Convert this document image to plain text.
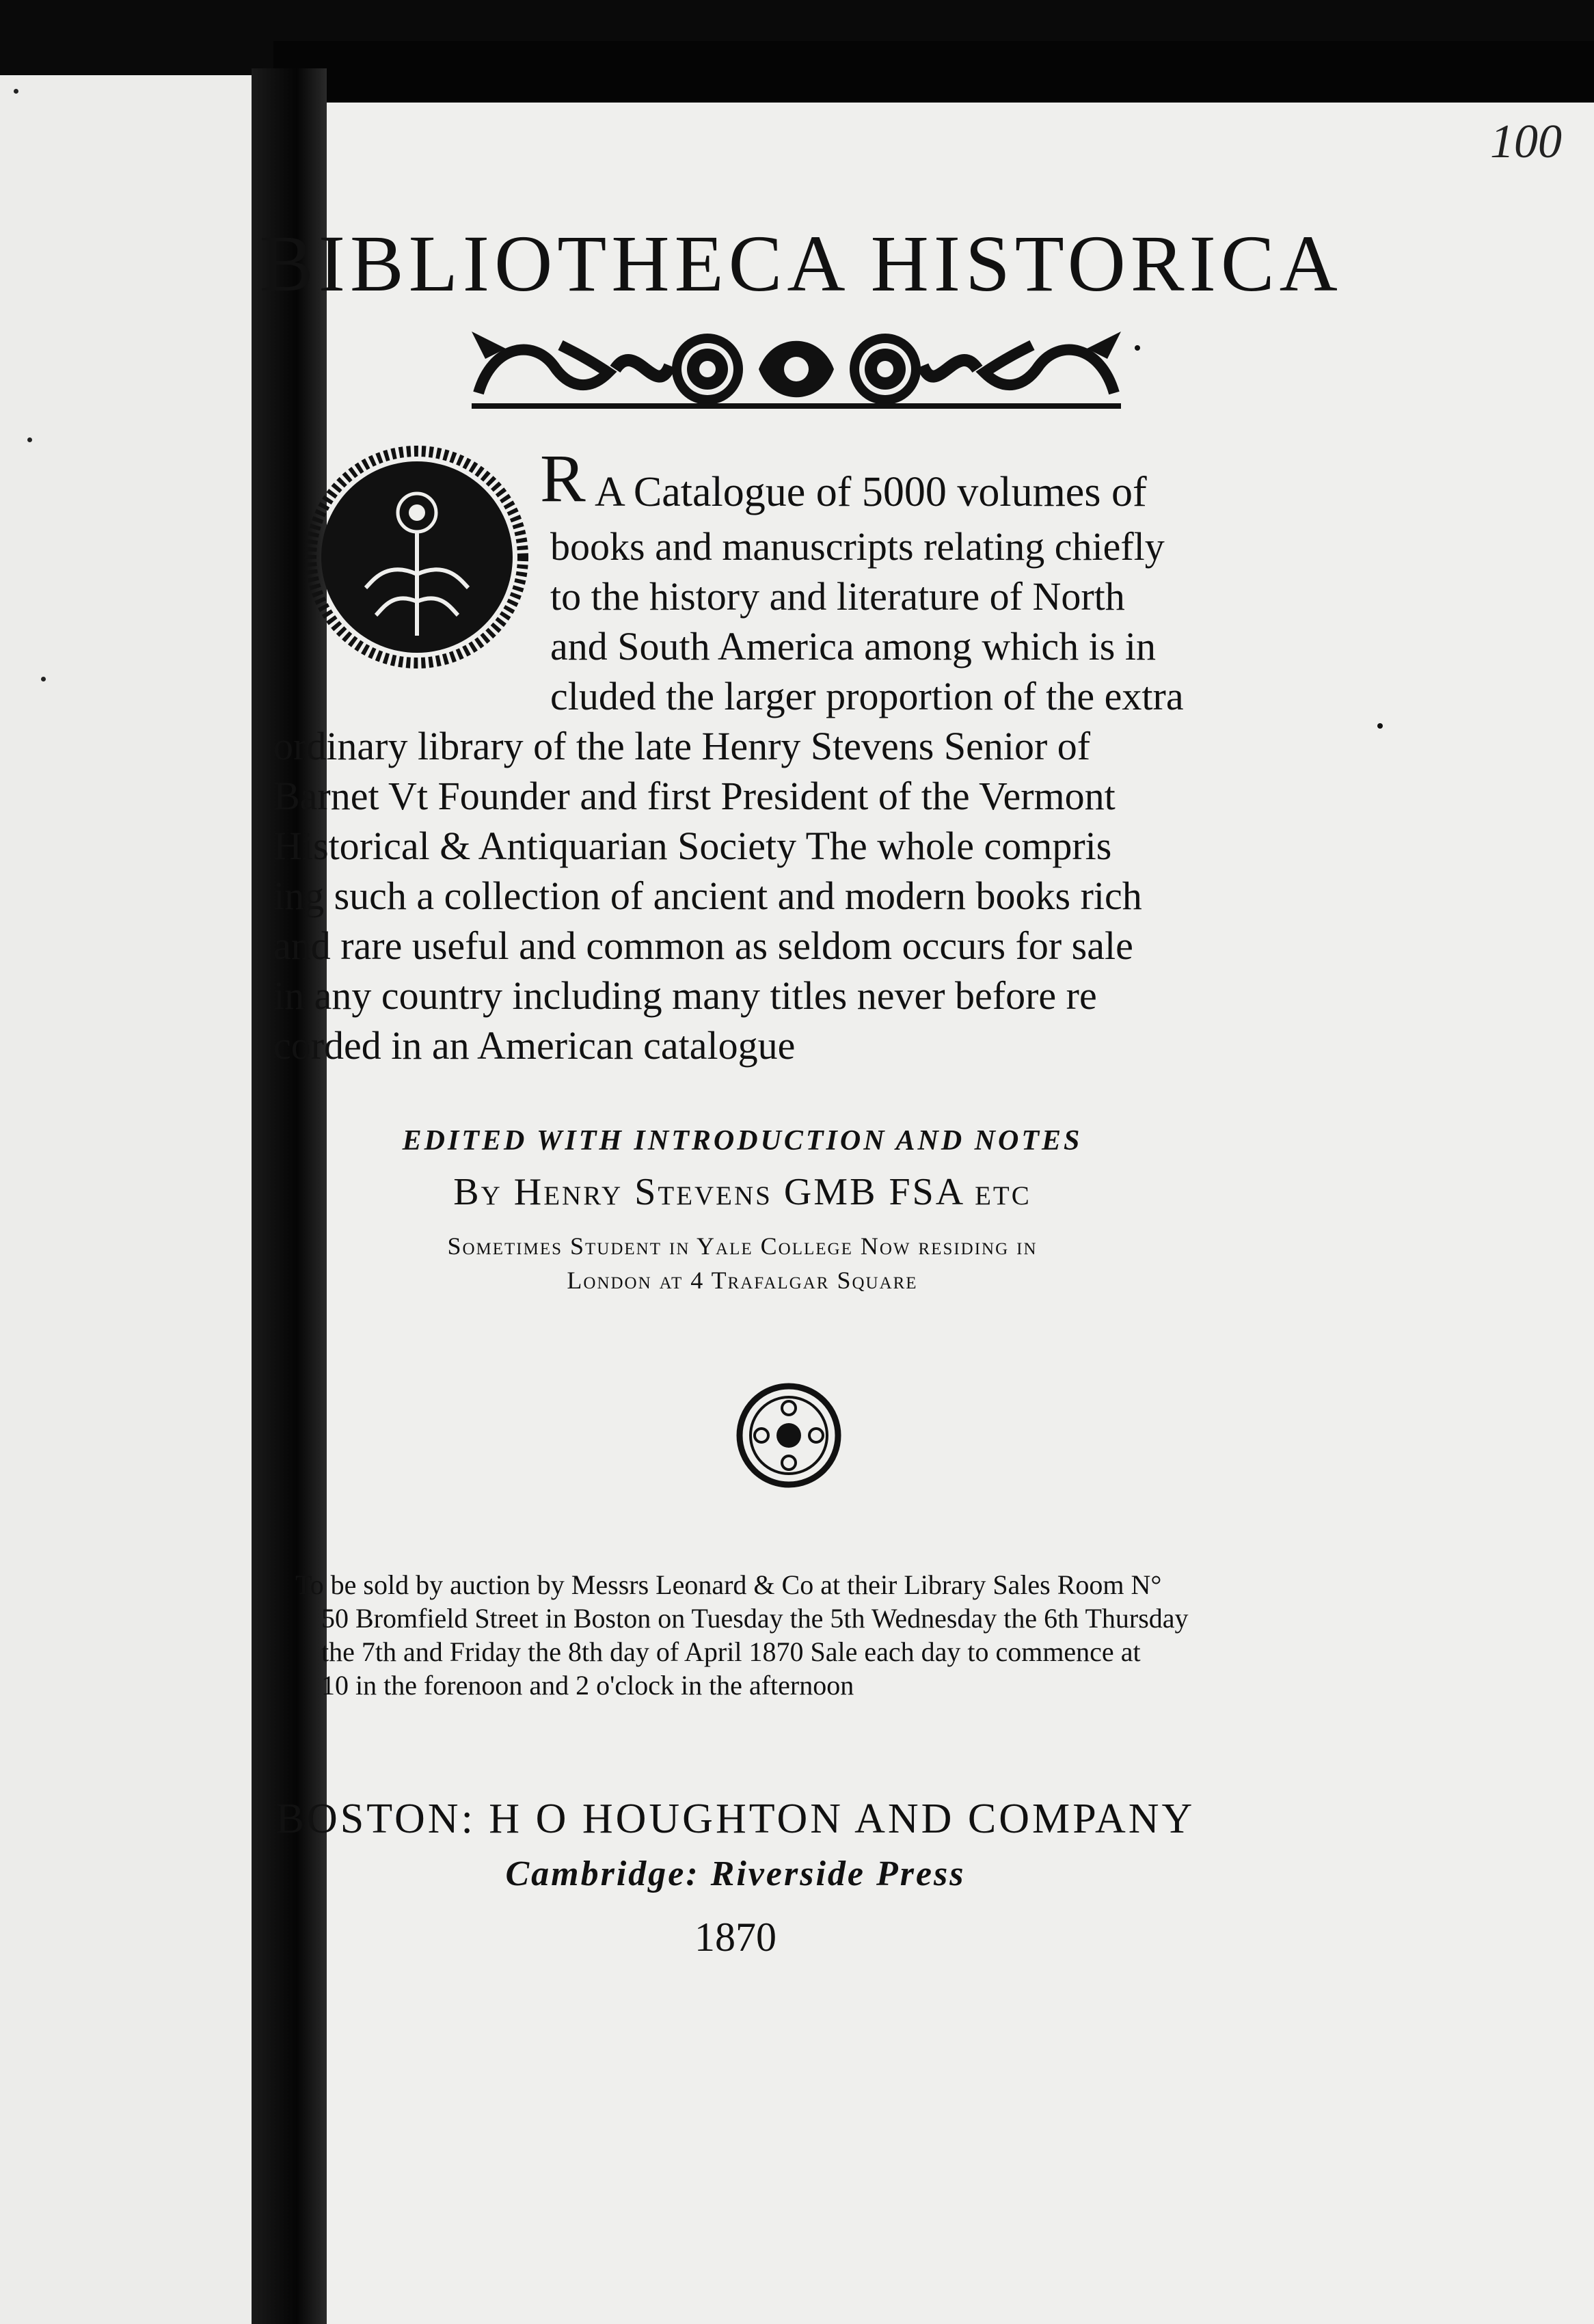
100
BIBLIOTHECA HISTORICA
R A Catalogue of 5000 volumes of
books and manuscripts relating chiefly
to the history and literature of North
and South America among which is in
cluded the larger proportion of the extra
ordinary library of the late Henry Stevens Senior of
Barnet Vt Founder and first President of the Vermont
Historical & Antiquarian Society The whole compris
ing such a collection of ancient and modern books rich
and rare useful and common as seldom occurs for sale
in any country including many titles never before re
corded in an American catalogue
EDITED WITH INTRODUCTION AND NOTES
By Henry Stevens GMB FSA etc
Sometimes Student in Yale College Now residing in
London at 4 Trafalgar Square
To be sold by auction by Messrs Leonard & Co at their Library Sales Room N°
50 Bromfield Street in Boston on Tuesday the 5th Wednesday the 6th Thursday
the 7th and Friday the 8th day of April 1870 Sale each day to commence at
10 in the forenoon and 2 o'clock in the afternoon
BOSTON: H O HOUGHTON AND COMPANY
Cambridge: Riverside Press
1870
